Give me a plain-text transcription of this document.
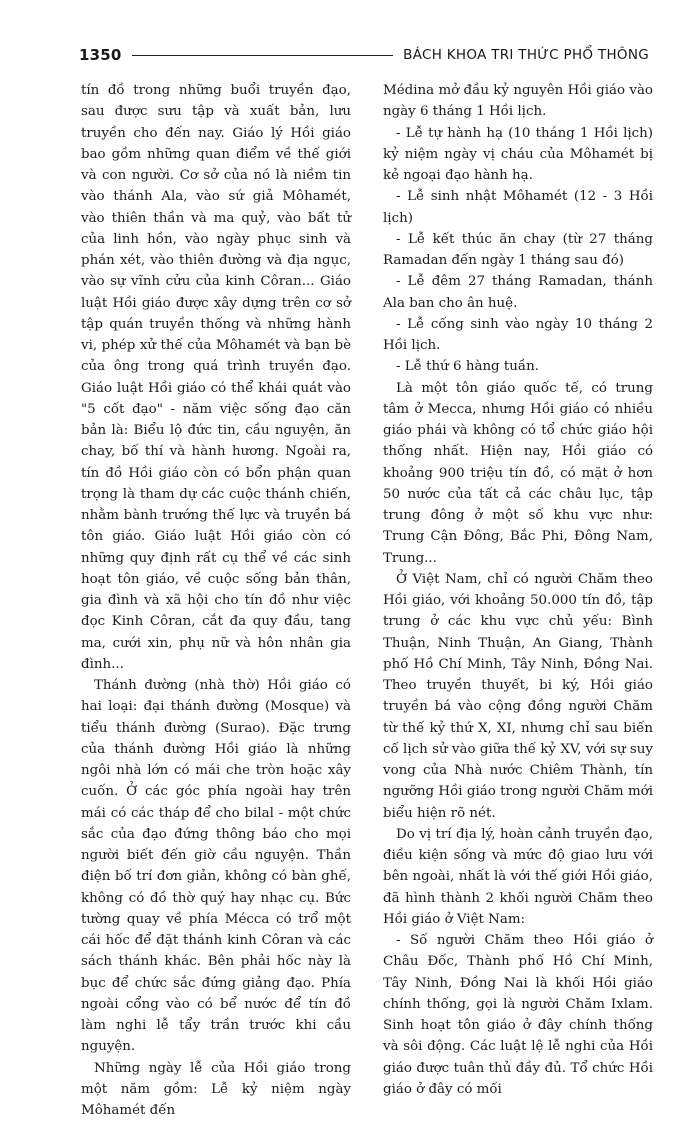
1350	BÁCH KHOA TRI THỨC PHỔ THÔNG

tín đồ trong những buổi truyền đạo, sau được sưu tập và xuất bản, lưu truyền cho đến nay. Giáo lý Hồi giáo bao gồm những quan điểm về thế giới và con người. Cơ sở của nó là niềm tin vào thánh Ala, vào sứ giả Môhamét, vào thiên thần và ma quỷ, vào bất tử của linh hồn, vào ngày phục sinh và phán xét, vào thiên đường và địa ngục, vào sự vĩnh cửu của kinh Côran... Giáo luật Hồi giáo được xây dựng trên cơ sở tập quán truyền thống và những hành vi, phép xử thế của Môhamét và bạn bè của ông trong quá trình truyền đạo. Giáo luật Hồi giáo có thể khái quát vào "5 cốt đạo" - năm việc sống đạo căn bản là: Biểu lộ đức tin, cầu nguyện, ăn chay, bố thí và hành hương. Ngoài ra, tín đồ Hồi giáo còn có bổn phận quan trọng là tham dự các cuộc thánh chiến, nhằm bành trướng thế lực và truyền bá tôn giáo. Giáo luật Hồi giáo còn có những quy định rất cụ thể về các sinh hoạt tôn giáo, về cuộc sống bản thân, gia đình và xã hội cho tín đồ như việc đọc Kinh Côran, cắt đa quy đầu, tang ma, cưới xin, phụ nữ và hôn nhân gia đình...

Thánh đường (nhà thờ) Hồi giáo có hai loại: đại thánh đường (Mosque) và tiểu thánh đường (Surao). Đặc trưng của thánh đường Hồi giáo là những ngôi nhà lớn có mái che tròn hoặc xây cuốn. Ở các góc phía ngoài hay trên mái có các tháp để cho bilal - một chức sắc của đạo đứng thông báo cho mọi người biết đến giờ cầu nguyện. Thần điện bố trí đơn giản, không có bàn ghế, không có đồ thờ quý hay nhạc cụ. Bức tường quay về phía Mécca có trổ một cái hốc để đặt thánh kinh Côran và các sách thánh khác. Bên phải hốc này là bục để chức sắc đứng giảng đạo. Phía ngoài cổng vào có bể nước để tín đồ làm nghi lễ tẩy trần trước khi cầu nguyện.

Những ngày lễ của Hồi giáo trong một năm gồm: Lễ kỷ niệm ngày Môhamét đến

Médina mở đầu kỷ nguyên Hồi giáo vào ngày 6 tháng 1 Hồi lịch.

- Lễ tự hành hạ (10 tháng 1 Hồi lịch) kỷ niệm ngày vị cháu của Môhamét bị kẻ ngoại đạo hành hạ.

- Lễ sinh nhật Môhamét (12 - 3 Hồi lịch)

- Lễ kết thúc ăn chay (từ 27 tháng Ramadan đến ngày 1 tháng sau đó)

- Lễ đêm 27 tháng Ramadan, thánh Ala ban cho ân huệ.

- Lễ cống sinh vào ngày 10 tháng 2 Hồi lịch.

- Lễ thứ 6 hàng tuần.

Là một tôn giáo quốc tế, có trung tâm ở Mecca, nhưng Hồi giáo có nhiều giáo phái và không có tổ chức giáo hội thống nhất. Hiện nay, Hồi giáo có khoảng 900 triệu tín đồ, có mặt ở hơn 50 nước của tất cả các châu lục, tập trung đông ở một số khu vực như: Trung Cận Đông, Bắc Phi, Đông Nam, Trung...

Ở Việt Nam, chỉ có người Chăm theo Hồi giáo, với khoảng 50.000 tín đồ, tập trung ở các khu vực chủ yếu: Bình Thuận, Ninh Thuận, An Giang, Thành phố Hồ Chí Minh, Tây Ninh, Đồng Nai. Theo truyền thuyết, bi ký, Hồi giáo truyền bá vào cộng đồng người Chăm từ thế kỷ thứ X, XI, nhưng chỉ sau biến cố lịch sử vào giữa thế kỷ XV, với sự suy vong của Nhà nước Chiêm Thành, tín ngưỡng Hồi giáo trong người Chăm mới biểu hiện rõ nét.

Do vị trí địa lý, hoàn cảnh truyền đạo, điều kiện sống và mức độ giao lưu với bên ngoài, nhất là với thế giới Hồi giáo, đã hình thành 2 khối người Chăm theo Hồi giáo ở Việt Nam:

- Số người Chăm theo Hồi giáo ở Châu Đốc, Thành phố Hồ Chí Minh, Tây Ninh, Đồng Nai là khối Hồi giáo chính thống, gọi là người Chăm Ixlam. Sinh hoạt tôn giáo ở đây chính thống và sôi động. Các luật lệ lễ nghi của Hồi giáo được tuân thủ đầy đủ. Tổ chức Hồi giáo ở đây có mối
